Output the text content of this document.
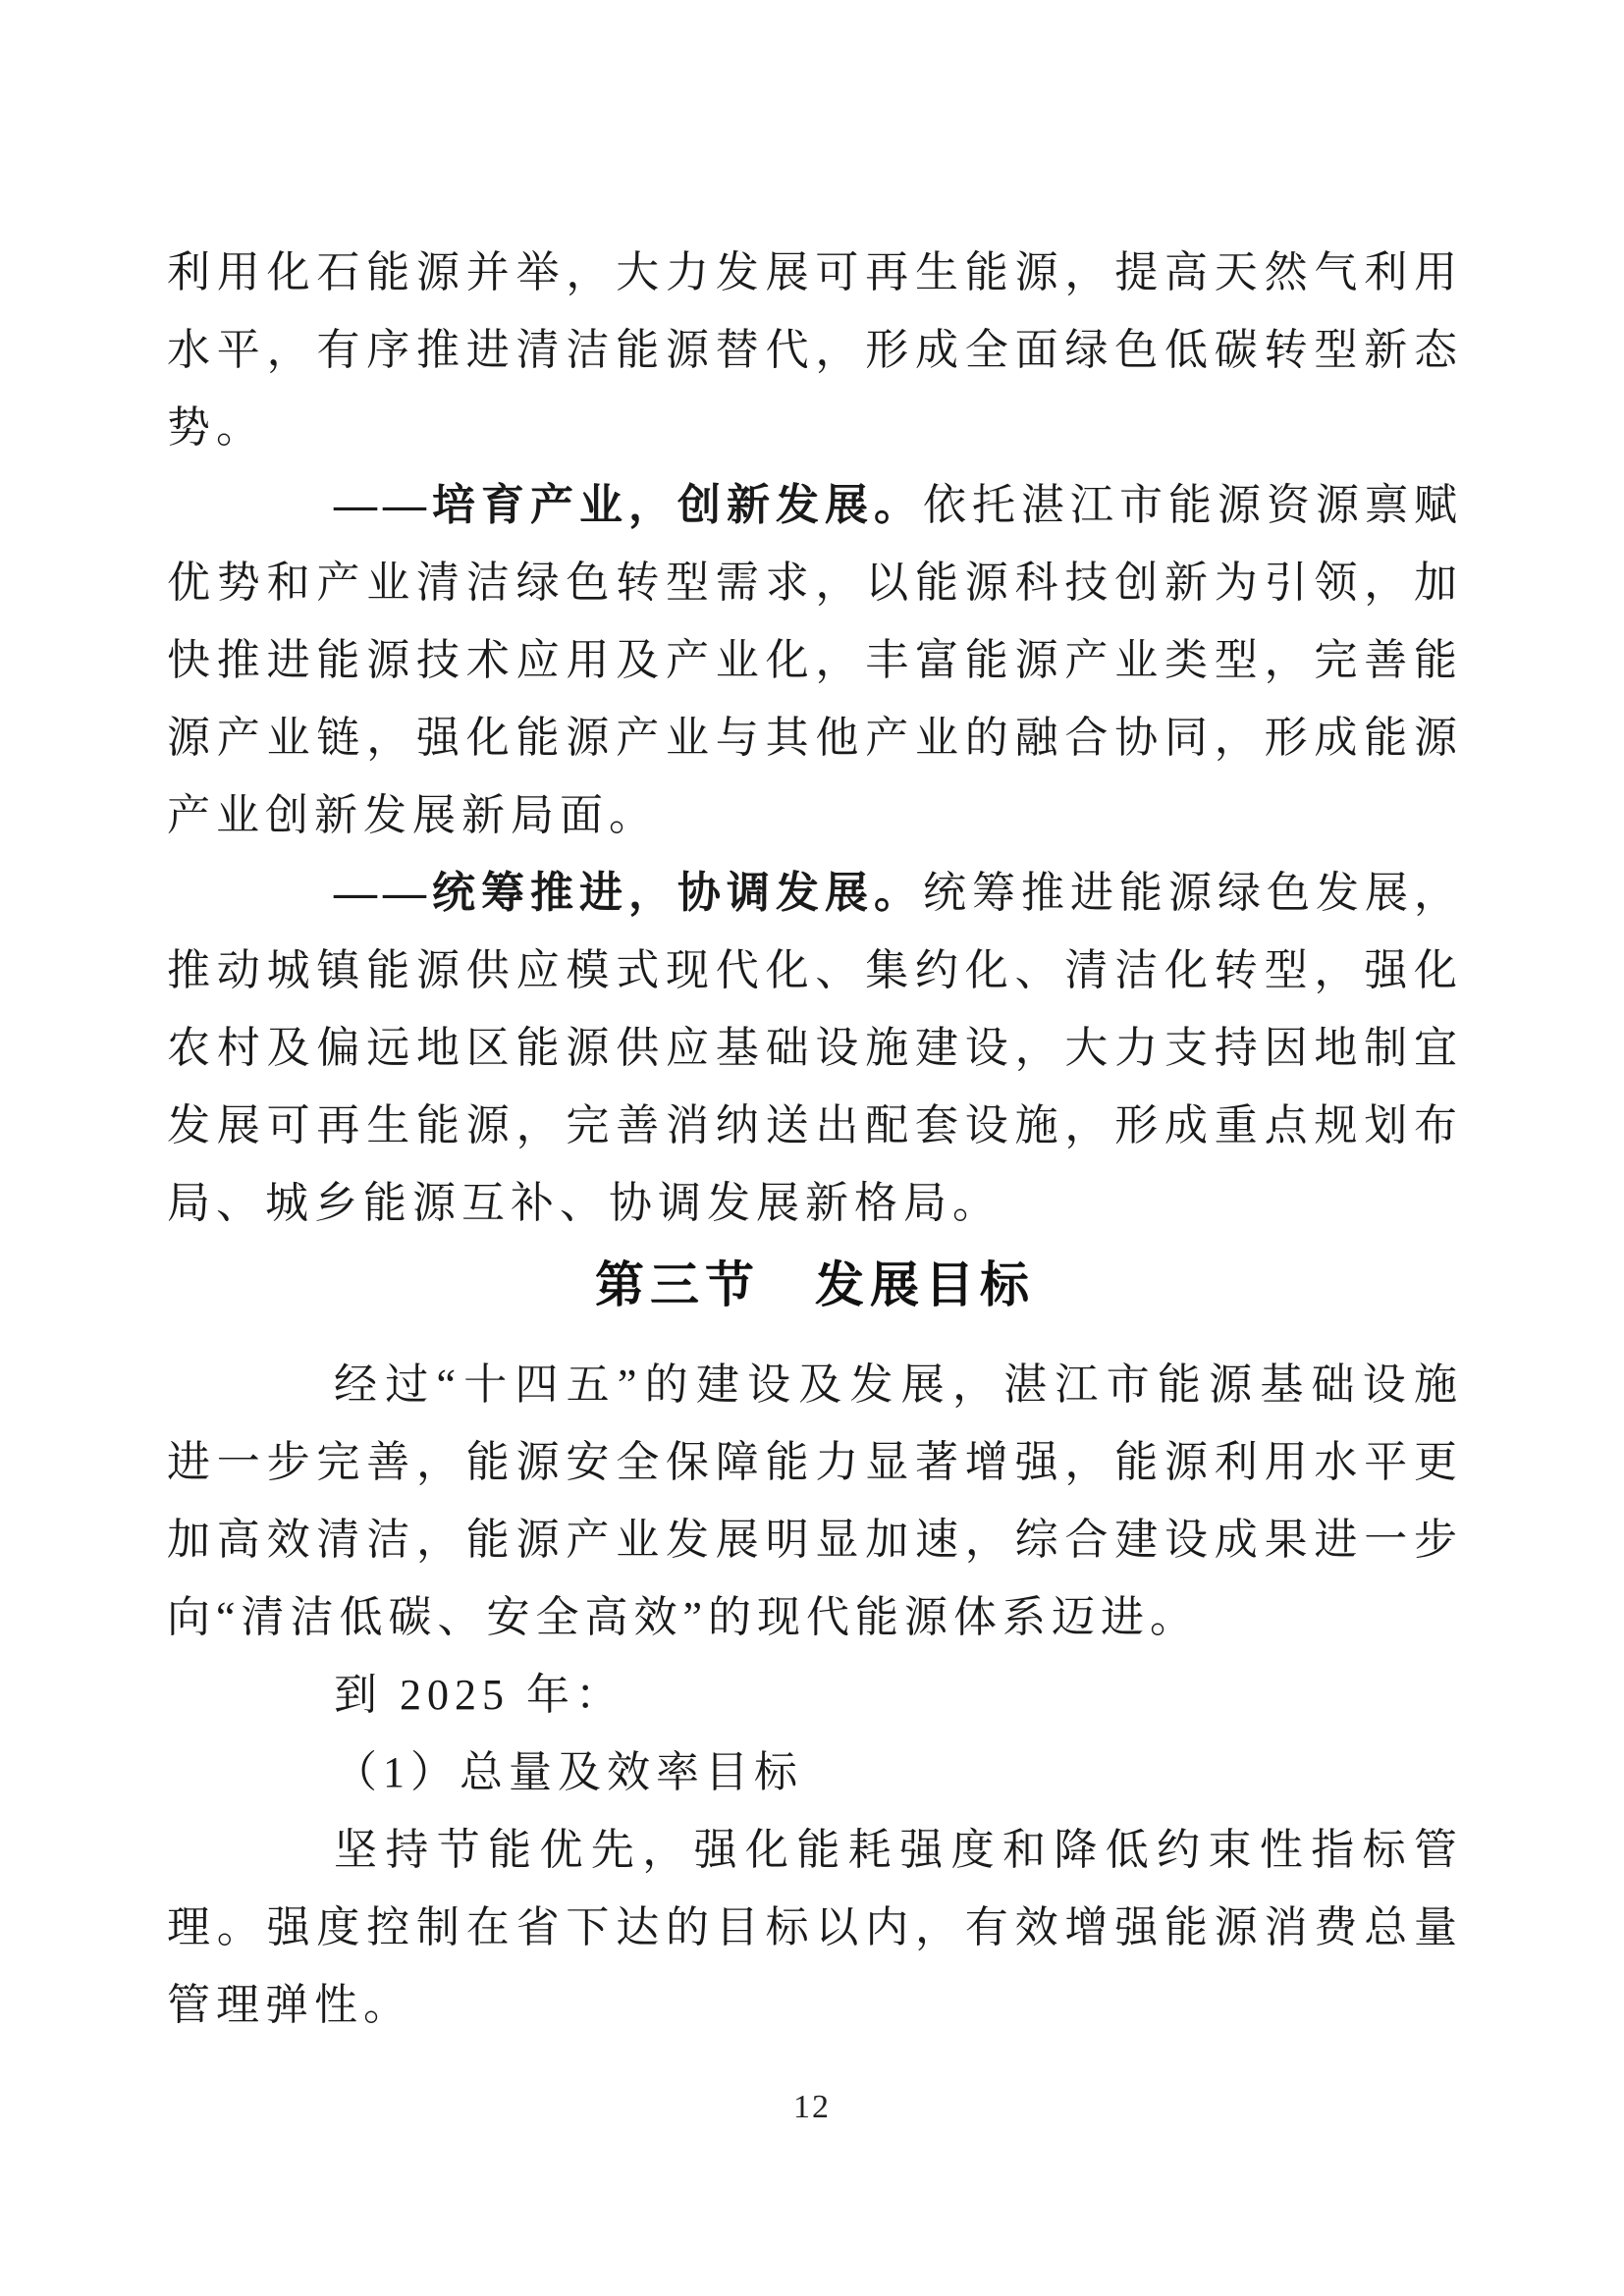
利用化石能源并举，大力发展可再生能源，提高天然气利用水平，有序推进清洁能源替代，形成全面绿色低碳转型新态势。

——培育产业，创新发展。依托湛江市能源资源禀赋优势和产业清洁绿色转型需求，以能源科技创新为引领，加快推进能源技术应用及产业化，丰富能源产业类型，完善能源产业链，强化能源产业与其他产业的融合协同，形成能源产业创新发展新局面。

——统筹推进，协调发展。统筹推进能源绿色发展，推动城镇能源供应模式现代化、集约化、清洁化转型，强化农村及偏远地区能源供应基础设施建设，大力支持因地制宜发展可再生能源，完善消纳送出配套设施，形成重点规划布局、城乡能源互补、协调发展新格局。

第三节　发展目标

经过“十四五”的建设及发展，湛江市能源基础设施进一步完善，能源安全保障能力显著增强，能源利用水平更加高效清洁，能源产业发展明显加速，综合建设成果进一步向“清洁低碳、安全高效”的现代能源体系迈进。

到 2025 年：

（1）总量及效率目标

坚持节能优先，强化能耗强度和降低约束性指标管理。强度控制在省下达的目标以内，有效增强能源消费总量管理弹性。

12
